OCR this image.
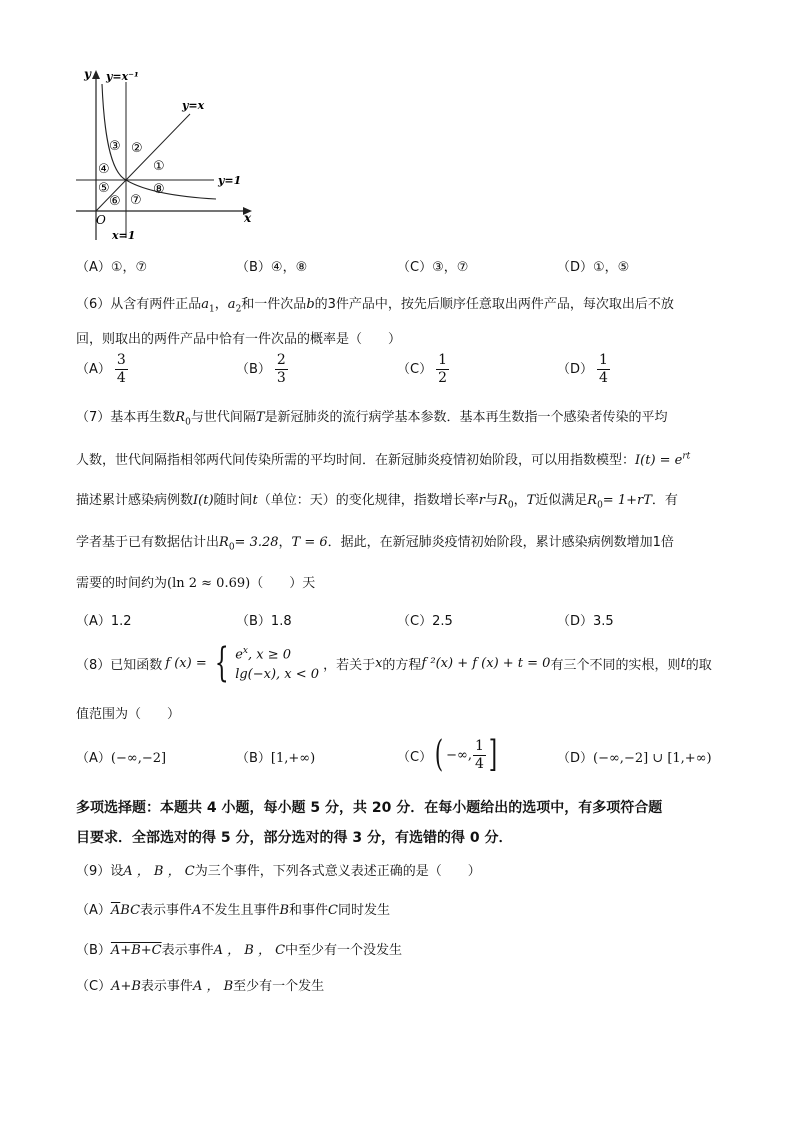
y y=x⁻¹
y=x
y=1
x
O
x=1
③ ②
①
④
⑤	⑧
⑥ ⑦
（A）①，⑦	（B）④，⑧	（C）③，⑦	（D）①，⑤
（6）从含有两件正品$a_1$，$a_2$和一件次品b的3件产品中，按先后顺序任意取出两件产品，每次取出后不放
回，则取出的两件产品中恰有一件次品的概率是（　　）
$(A) \frac{3}{4}$	$(B) \frac{2}{3}$	$(C) \frac{1}{2}$	$(D) \frac{1}{4}$
（7）基本再生数$R_0$与世代间隔T是新冠肺炎的流行病学基本参数．基本再生数指一个感染者传染的平均
人数，世代间隔指相邻两代间传染所需的平均时间．在新冠肺炎疫情初始阶段，可以用指数模型：$I(t) = e^{rt}$
描述累计感染病例数I(t)随时间t（单位：天）的变化规律，指数增长率r与$R_0$，T近似满足$R_0= 1+rT$．有
学者基于已有数据估计出$R_0= 3.28$，T = 6．据此，在新冠肺炎疫情初始阶段，累计感染病例数增加1倍
需要的时间约为(ln 2 ≈ 0.69)（　　）天
（A）1.2	（B）1.8	（C）2.5	（D）3.5
（8）已知函数 f (x) = { $e^x$, x ≥ 0
lg(−x), x < 0
，若关于 x 的方程 f ²(x) + f (x) + t = 0 有三个不同的实根，则 t 的取
值范围为（　　）
（A）(−∞,−2]	（B）[1,+∞)	（C） ( −∞, $\frac{1}{4}$ ]	（D）(−∞,−2] ∪ [1,+∞)
多项选择题：本题共 4 小题，每小题 5 分，共 20 分．在每小题给出的选项中，有多项符合题
目要求．全部选对的得 5 分，部分选对的得 3 分，有选错的得 0 分．
（9）设A ， B ， C为三个事件，下列各式意义表述正确的是（　　）
$(A)\overline{A}BC$表示事件A不发生且事件B和事件C同时发生
（B）A+B+C表示事件A ， B ， C中至少有一个没发生
（C）A+B表示事件A ， B至少有一个发生
